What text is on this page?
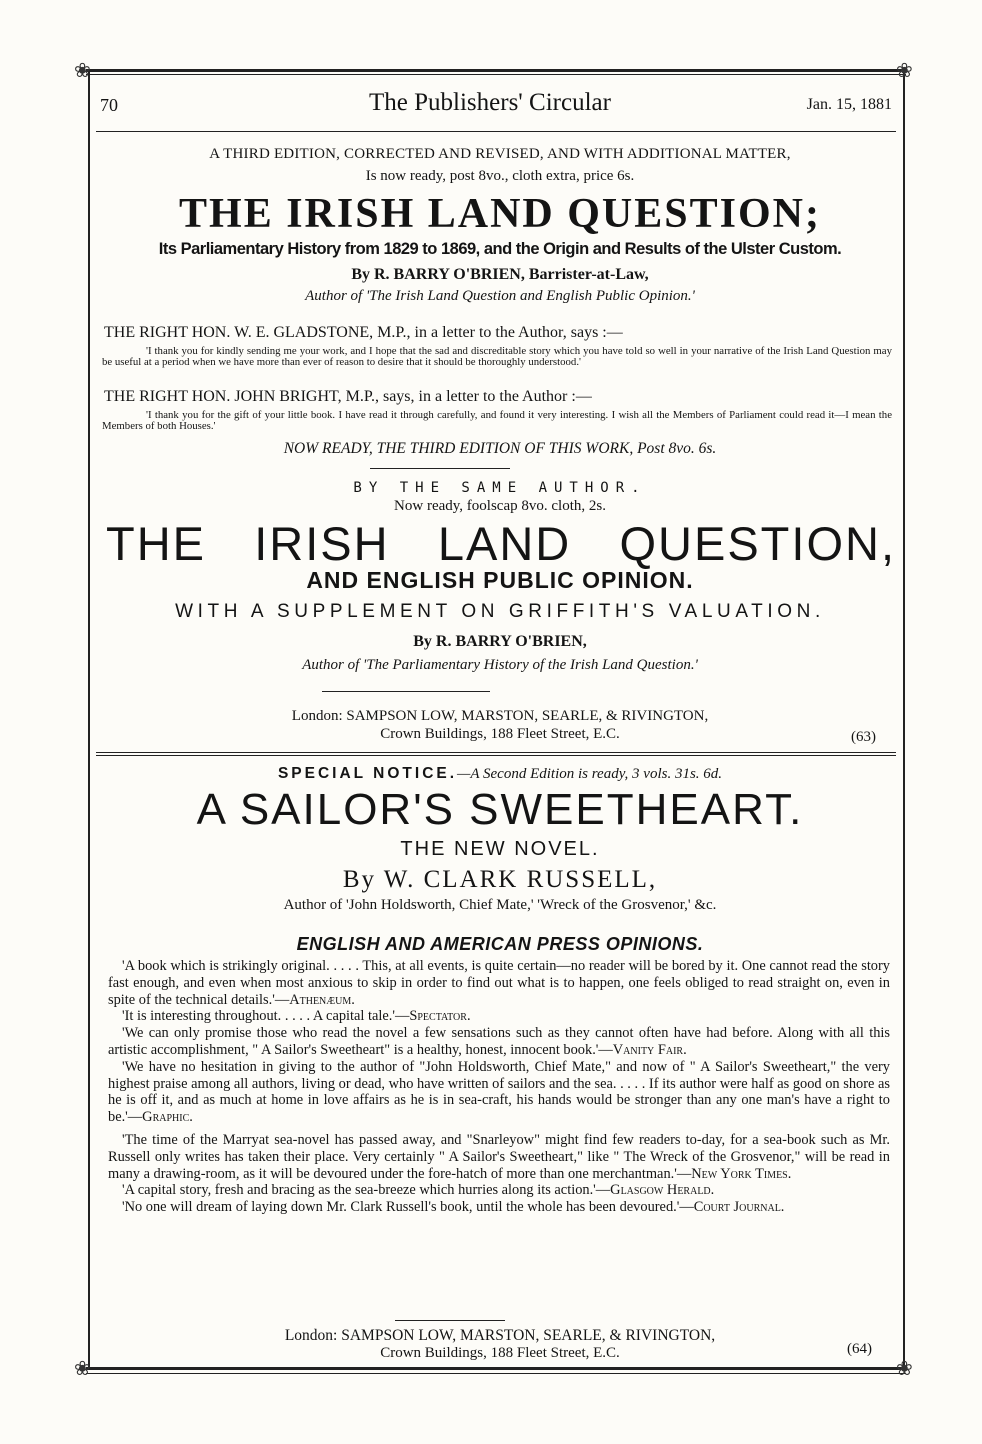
❀	❀
❀	❀
70	The Publishers' Circular	Jan. 15, 1881
A THIRD EDITION, CORRECTED AND REVISED, AND WITH ADDITIONAL MATTER,
Is now ready, post 8vo., cloth extra, price 6s.
THE IRISH LAND QUESTION;
Its Parliamentary History from 1829 to 1869, and the Origin and Results of the Ulster Custom.
By R. BARRY O'BRIEN, Barrister-at-Law,
Author of 'The Irish Land Question and English Public Opinion.'
THE RIGHT HON. W. E. GLADSTONE, M.P., in a letter to the Author, says :—
'I thank you for kindly sending me your work, and I hope that the sad and discreditable story which you have told so well in your narrative of the Irish Land Question may be useful at a period when we have more than ever of reason to desire that it should be thoroughly understood.'
THE RIGHT HON. JOHN BRIGHT, M.P., says, in a letter to the Author :—
'I thank you for the gift of your little book. I have read it through carefully, and found it very interesting. I wish all the Members of Parliament could read it—I mean the Members of both Houses.'
NOW READY, THE THIRD EDITION OF THIS WORK, Post 8vo. 6s.
BY THE SAME AUTHOR.
Now ready, foolscap 8vo. cloth, 2s.
THE IRISH LAND QUESTION,
AND ENGLISH PUBLIC OPINION.
WITH A SUPPLEMENT ON GRIFFITH'S VALUATION.
By R. BARRY O'BRIEN,
Author of 'The Parliamentary History of the Irish Land Question.'
London: SAMPSON LOW, MARSTON, SEARLE, & RIVINGTON,
Crown Buildings, 188 Fleet Street, E.C.	(63)
SPECIAL NOTICE.—A Second Edition is ready, 3 vols. 31s. 6d.
A SAILOR'S SWEETHEART.
THE NEW NOVEL.
By W. CLARK RUSSELL,
Author of 'John Holdsworth, Chief Mate,' 'Wreck of the Grosvenor,' &c.
ENGLISH AND AMERICAN PRESS OPINIONS.
'A book which is strikingly original. . . . . This, at all events, is quite certain—no reader will be bored by it. One cannot read the story fast enough, and even when most anxious to skip in order to find out what is to happen, one feels obliged to read straight on, even in spite of the technical details.'—Athenæum.
'It is interesting throughout. . . . . A capital tale.'—Spectator.
'We can only promise those who read the novel a few sensations such as they cannot often have had before. Along with all this artistic accomplishment, " A Sailor's Sweetheart" is a healthy, honest, innocent book.'—Vanity Fair.
'We have no hesitation in giving to the author of "John Holdsworth, Chief Mate," and now of " A Sailor's Sweetheart," the very highest praise among all authors, living or dead, who have written of sailors and the sea. . . . . If its author were half as good on shore as he is off it, and as much at home in love affairs as he is in sea-craft, his hands would be stronger than any one man's have a right to be.'—Graphic.
'The time of the Marryat sea-novel has passed away, and "Snarleyow" might find few readers to-day, for a sea-book such as Mr. Russell only writes has taken their place. Very certainly " A Sailor's Sweetheart," like " The Wreck of the Grosvenor," will be read in many a drawing-room, as it will be devoured under the fore-hatch of more than one merchantman.'—New York Times.
'A capital story, fresh and bracing as the sea-breeze which hurries along its action.'—Glasgow Herald.
'No one will dream of laying down Mr. Clark Russell's book, until the whole has been devoured.'—Court Journal.
London: SAMPSON LOW, MARSTON, SEARLE, & RIVINGTON,
Crown Buildings, 188 Fleet Street, E.C.	(64)
